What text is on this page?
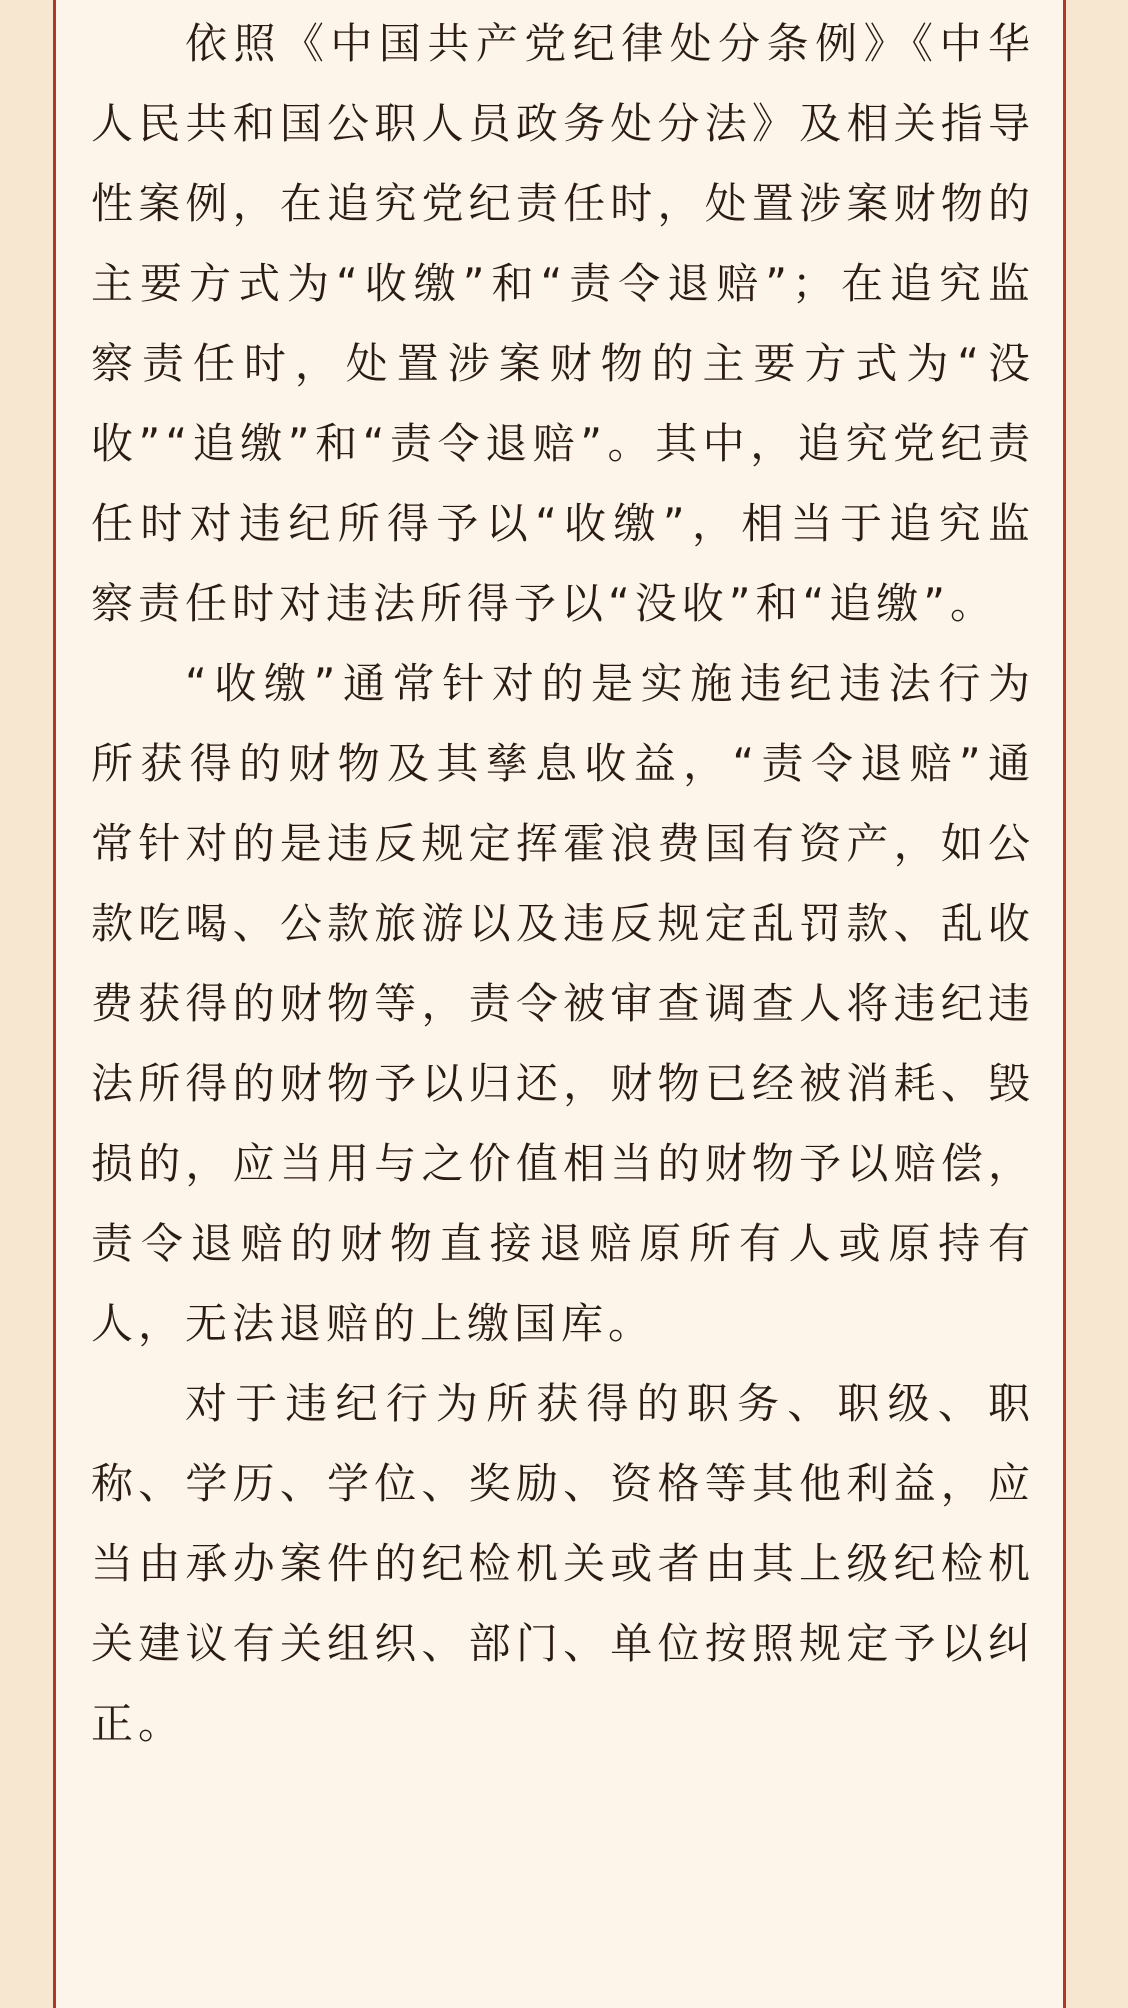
依照《中国共产党纪律处分条例》《中华人民共和国公职人员政务处分法》及相关指导性案例，在追究党纪责任时，处置涉案财物的主要方式为“收缴”和“责令退赔”；在追究监察责任时，处置涉案财物的主要方式为“没收”“追缴”和“责令退赔”。其中，追究党纪责任时对违纪所得予以“收缴”，相当于追究监察责任时对违法所得予以“没收”和“追缴”。

“收缴”通常针对的是实施违纪违法行为所获得的财物及其孳息收益，“责令退赔”通常针对的是违反规定挥霍浪费国有资产，如公款吃喝、公款旅游以及违反规定乱罚款、乱收费获得的财物等，责令被审查调查人将违纪违法所得的财物予以归还，财物已经被消耗、毁损的，应当用与之价值相当的财物予以赔偿，责令退赔的财物直接退赔原所有人或原持有人，无法退赔的上缴国库。

对于违纪行为所获得的职务、职级、职称、学历、学位、奖励、资格等其他利益，应当由承办案件的纪检机关或者由其上级纪检机关建议有关组织、部门、单位按照规定予以纠正。
